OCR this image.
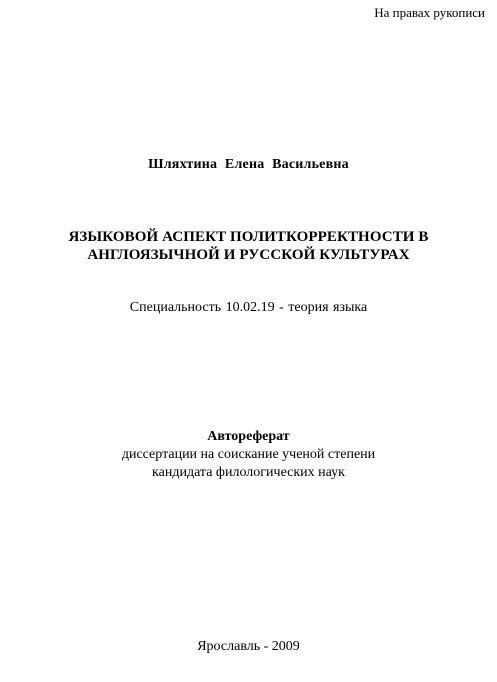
На правах рукописи

Шляхтина Елена Васильевна

ЯЗЫКОВОЙ АСПЕКТ ПОЛИТКОРРЕКТНОСТИ В
АНГЛОЯЗЫЧНОЙ И РУССКОЙ КУЛЬТУРАХ

Специальность 10.02.19 - теория языка

Автореферат
диссертации на соискание ученой степени
кандидата филологических наук

Ярославль - 2009
